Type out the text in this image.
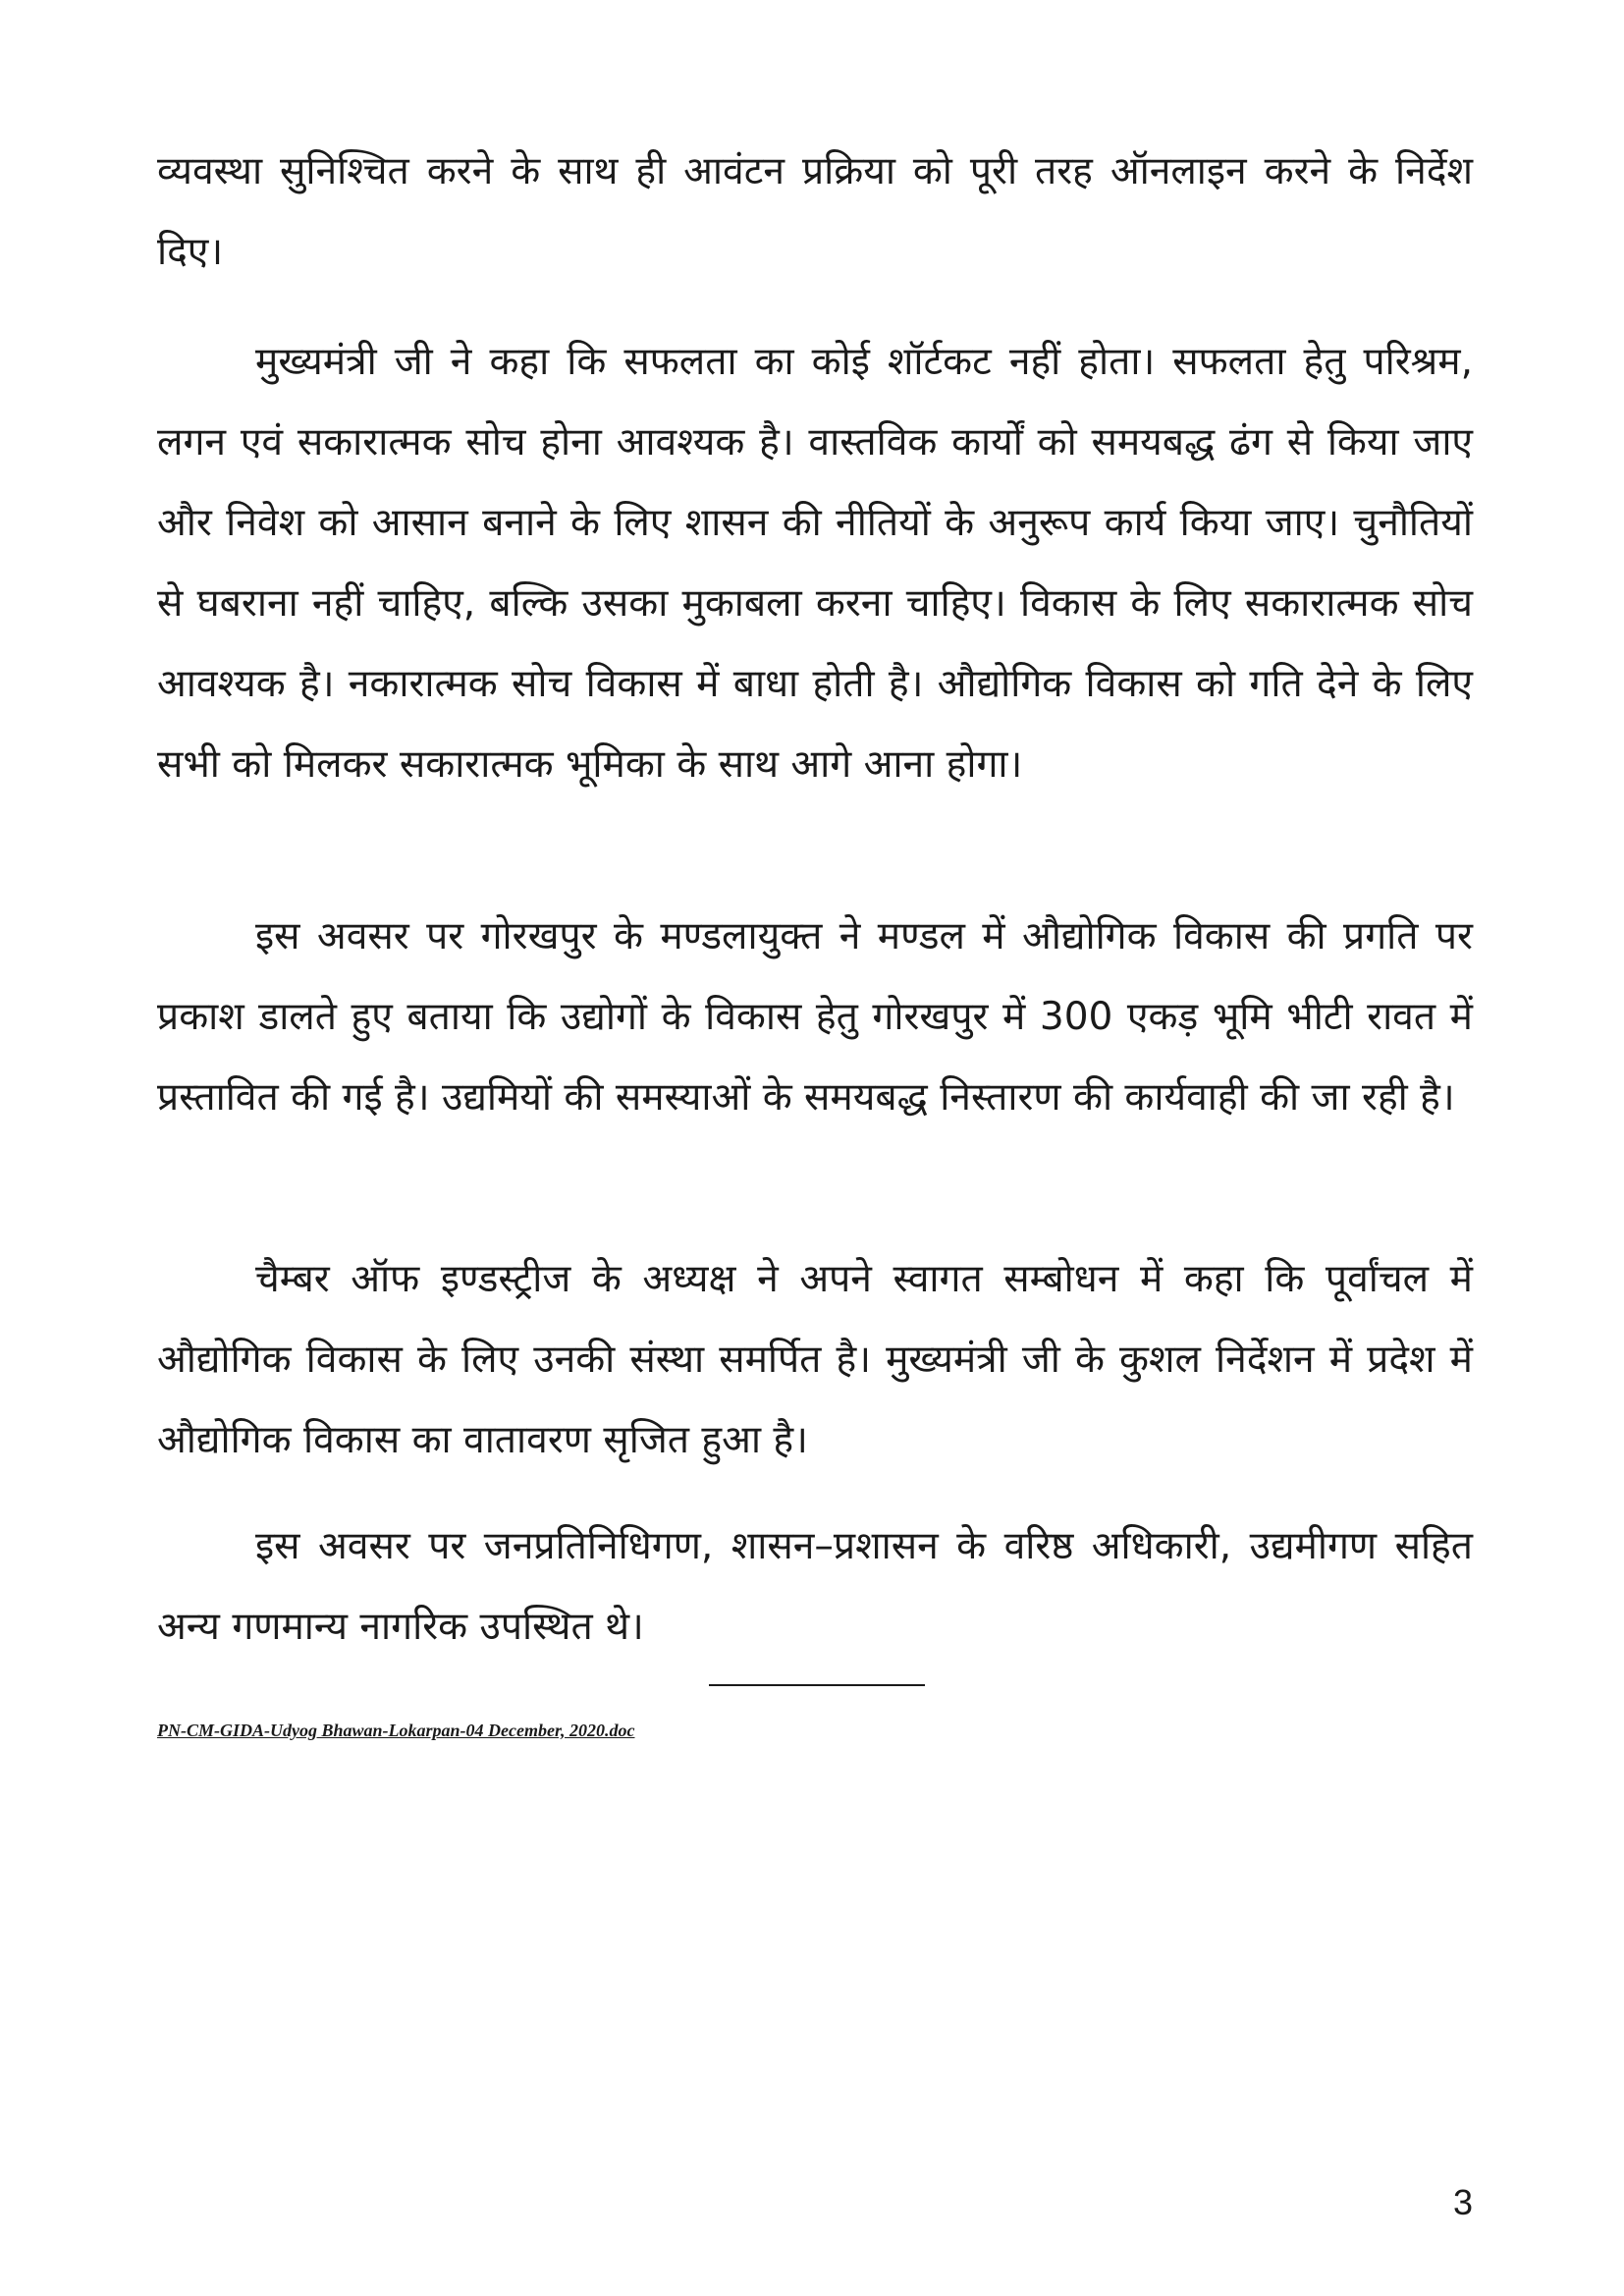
व्यवस्था सुनिश्चित करने के साथ ही आवंटन प्रक्रिया को पूरी तरह ऑनलाइन करने के निर्देश दिए।

मुख्यमंत्री जी ने कहा कि सफलता का कोई शॉर्टकट नहीं होता। सफलता हेतु परिश्रम, लगन एवं सकारात्मक सोच होना आवश्यक है। वास्तविक कार्यों को समयबद्ध ढंग से किया जाए और निवेश को आसान बनाने के लिए शासन की नीतियों के अनुरूप कार्य किया जाए। चुनौतियों से घबराना नहीं चाहिए, बल्कि उसका मुकाबला करना चाहिए। विकास के लिए सकारात्मक सोच आवश्यक है। नकारात्मक सोच विकास में बाधा होती है। औद्योगिक विकास को गति देने के लिए सभी को मिलकर सकारात्मक भूमिका के साथ आगे आना होगा।

इस अवसर पर गोरखपुर के मण्डलायुक्त ने मण्डल में औद्योगिक विकास की प्रगति पर प्रकाश डालते हुए बताया कि उद्योगों के विकास हेतु गोरखपुर में 300 एकड़ भूमि भीटी रावत में प्रस्तावित की गई है। उद्यमियों की समस्याओं के समयबद्ध निस्तारण की कार्यवाही की जा रही है।

चैम्बर ऑफ इण्डस्ट्रीज के अध्यक्ष ने अपने स्वागत सम्बोधन में कहा कि पूर्वांचल में औद्योगिक विकास के लिए उनकी संस्था समर्पित है। मुख्यमंत्री जी के कुशल निर्देशन में प्रदेश में औद्योगिक विकास का वातावरण सृजित हुआ है।

इस अवसर पर जनप्रतिनिधिगण, शासन–प्रशासन के वरिष्ठ अधिकारी, उद्यमीगण सहित अन्य गणमान्य नागरिक उपस्थित थे।

PN-CM-GIDA-Udyog Bhawan-Lokarpan-04 December, 2020.doc
3
